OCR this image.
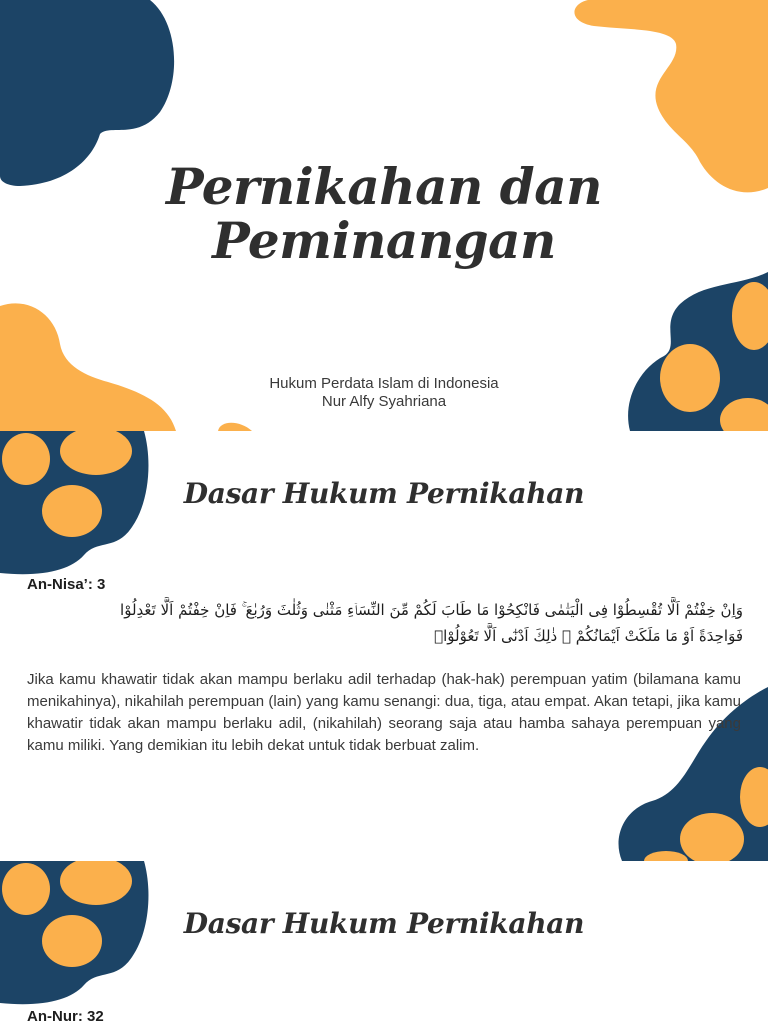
Pernikahan dan
Peminangan
Hukum Perdata Islam di Indonesia
Nur Alfy Syahriana
Dasar Hukum Pernikahan
An-Nisa’: 3
وَاِنْ خِفْتُمْ اَلَّا تُقْسِطُوْا فِى الْيَتٰمٰى فَانْكِحُوْا مَا طَابَ لَكُمْ مِّنَ النِّسَاۤءِ مَثْنٰى وَثُلٰثَ وَرُبٰعَ ۚ فَاِنْ خِفْتُمْ اَلَّا تَعْدِلُوْا
فَوَاحِدَةً اَوْ مَا مَلَكَتْ اَيْمَانُكُمْ ۗ ذٰلِكَ اَدْنٰٓى اَلَّا تَعُوْلُوْاۗ
Jika kamu khawatir tidak akan mampu berlaku adil terhadap (hak-hak) perempuan yatim (bilamana kamu menikahinya), nikahilah perempuan (lain) yang kamu senangi: dua, tiga, atau empat. Akan tetapi, jika kamu khawatir tidak akan mampu berlaku adil, (nikahilah) seorang saja atau hamba sahaya perempuan yang kamu miliki. Yang demikian itu lebih dekat untuk tidak berbuat zalim.
Dasar Hukum Pernikahan
An-Nur: 32
